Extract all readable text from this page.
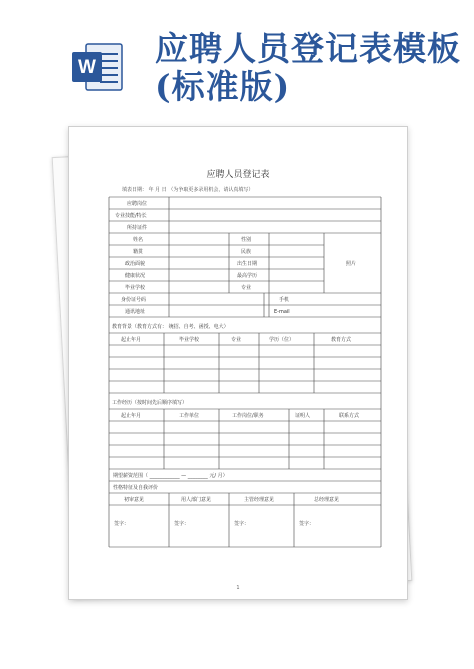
W 应聘人员登记表模板(标准版)
应聘人员登记表
填表日期： 年 月 日 （为争取更多录用机会，请认真填写）
应聘岗位
专业技能/特长
所持证件
姓名	性别
照片
籍贯	民族
政治面貌	出生日期
健康状况	最高学历
毕业学校	专业
身份证号码	手机
通讯地址	E-mail
教育背景（教育方式有： 统招、自考、函授、电大）
起止年月	毕业学校	专业	学历（位）	教育方式
工作经历（按时间先后顺序填写）
起止年月	工作单位	工作岗位/职务	证明人	联系方式
期望薪资范围（ ____________ — ________ 元/ 月）
性格特征及自我评价
初审意见	用人部门意见	主管经理意见	总经理意见
签字：	签字：	签字：	签字：
1
